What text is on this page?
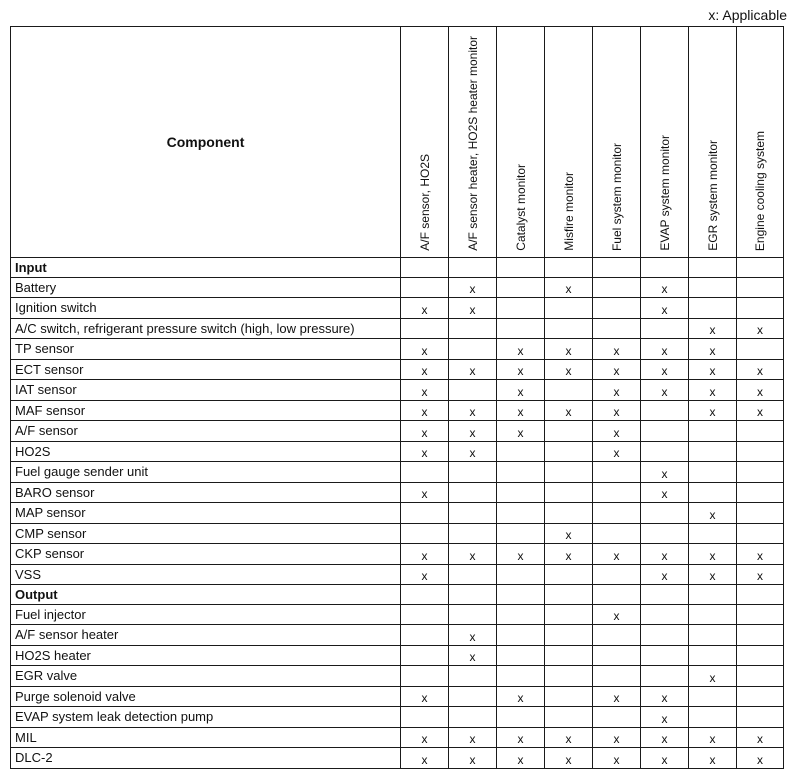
x: Applicable
Component	A/F sensor, HO2S	A/F sensor heater, HO2S heater monitor	Catalyst monitor	Misfire monitor	Fuel system monitor	EVAP system monitor	EGR system monitor	Engine cooling system

Input								
Battery		x		x		x		
Ignition switch	x	x				x		
A/C switch, refrigerant pressure switch (high, low pressure)							x	x
TP sensor	x		x	x	x	x	x	
ECT sensor	x	x	x	x	x	x	x	x
IAT sensor	x		x		x	x	x	x
MAF sensor	x	x	x	x	x		x	x
A/F sensor	x	x	x		x			
HO2S	x	x			x			
Fuel gauge sender unit						x		
BARO sensor	x					x		
MAP sensor							x	
CMP sensor				x				
CKP sensor	x	x	x	x	x	x	x	x
VSS	x					x	x	x
Output								
Fuel injector					x			
A/F sensor heater		x						
HO2S heater		x						
EGR valve							x	
Purge solenoid valve	x		x		x	x		
EVAP system leak detection pump						x		
MIL	x	x	x	x	x	x	x	x
DLC-2	x	x	x	x	x	x	x	x
